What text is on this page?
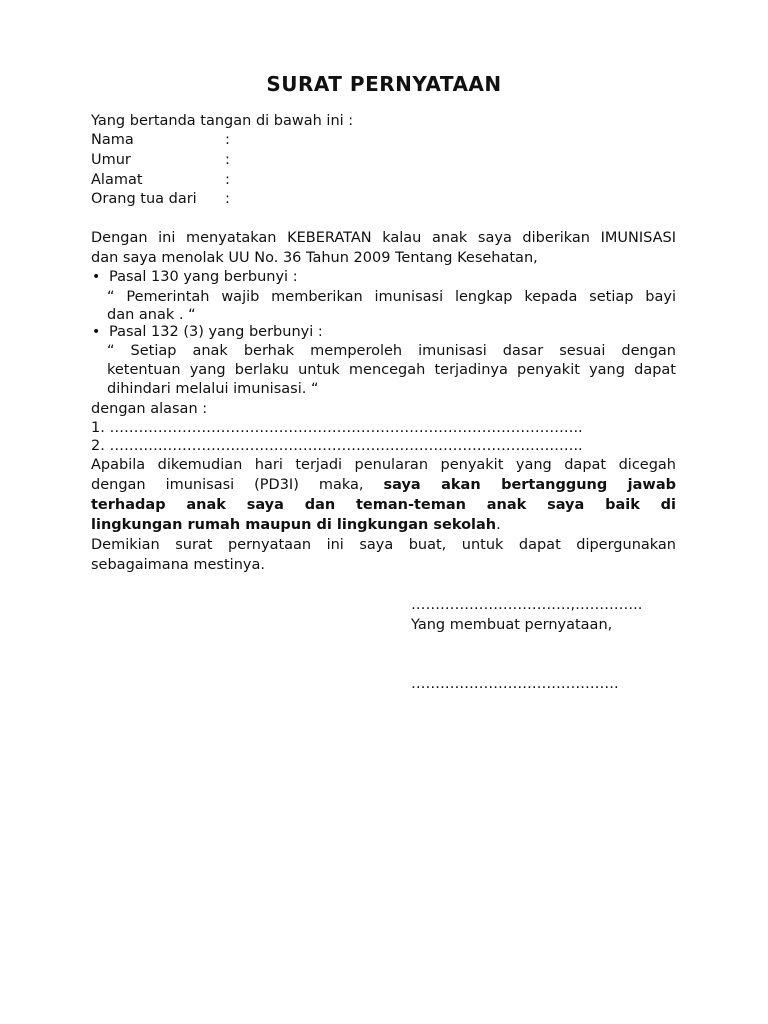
SURAT PERNYATAAN
Yang bertanda tangan di bawah ini :
Nama	:
Umur	:
Alamat	:
Orang tua dari :
Dengan ini menyatakan KEBERATAN kalau anak saya diberikan IMUNISASI
dan saya menolak UU No. 36 Tahun 2009 Tentang Kesehatan,
• Pasal 130 yang berbunyi :
“ Pemerintah wajib memberikan imunisasi lengkap kepada setiap bayi
dan anak . “
• Pasal 132 (3) yang berbunyi :
“ Setiap anak berhak memperoleh imunisasi dasar sesuai dengan
ketentuan yang berlaku untuk mencegah terjadinya penyakit yang dapat
dihindari melalui imunisasi. “
dengan alasan :
1. ……………………………………………………………………………………..
2. ……………………………………………………………………………………..
Apabila dikemudian hari terjadi penularan penyakit yang dapat dicegah
dengan imunisasi (PD3I) maka, saya akan bertanggung jawab
terhadap anak saya dan teman-teman anak saya baik di
lingkungan rumah maupun di lingkungan sekolah.
Demikian surat pernyataan ini saya buat, untuk dapat dipergunakan
sebagaimana mestinya.
……………………………,…………..
Yang membuat pernyataan,
…………………………………….
